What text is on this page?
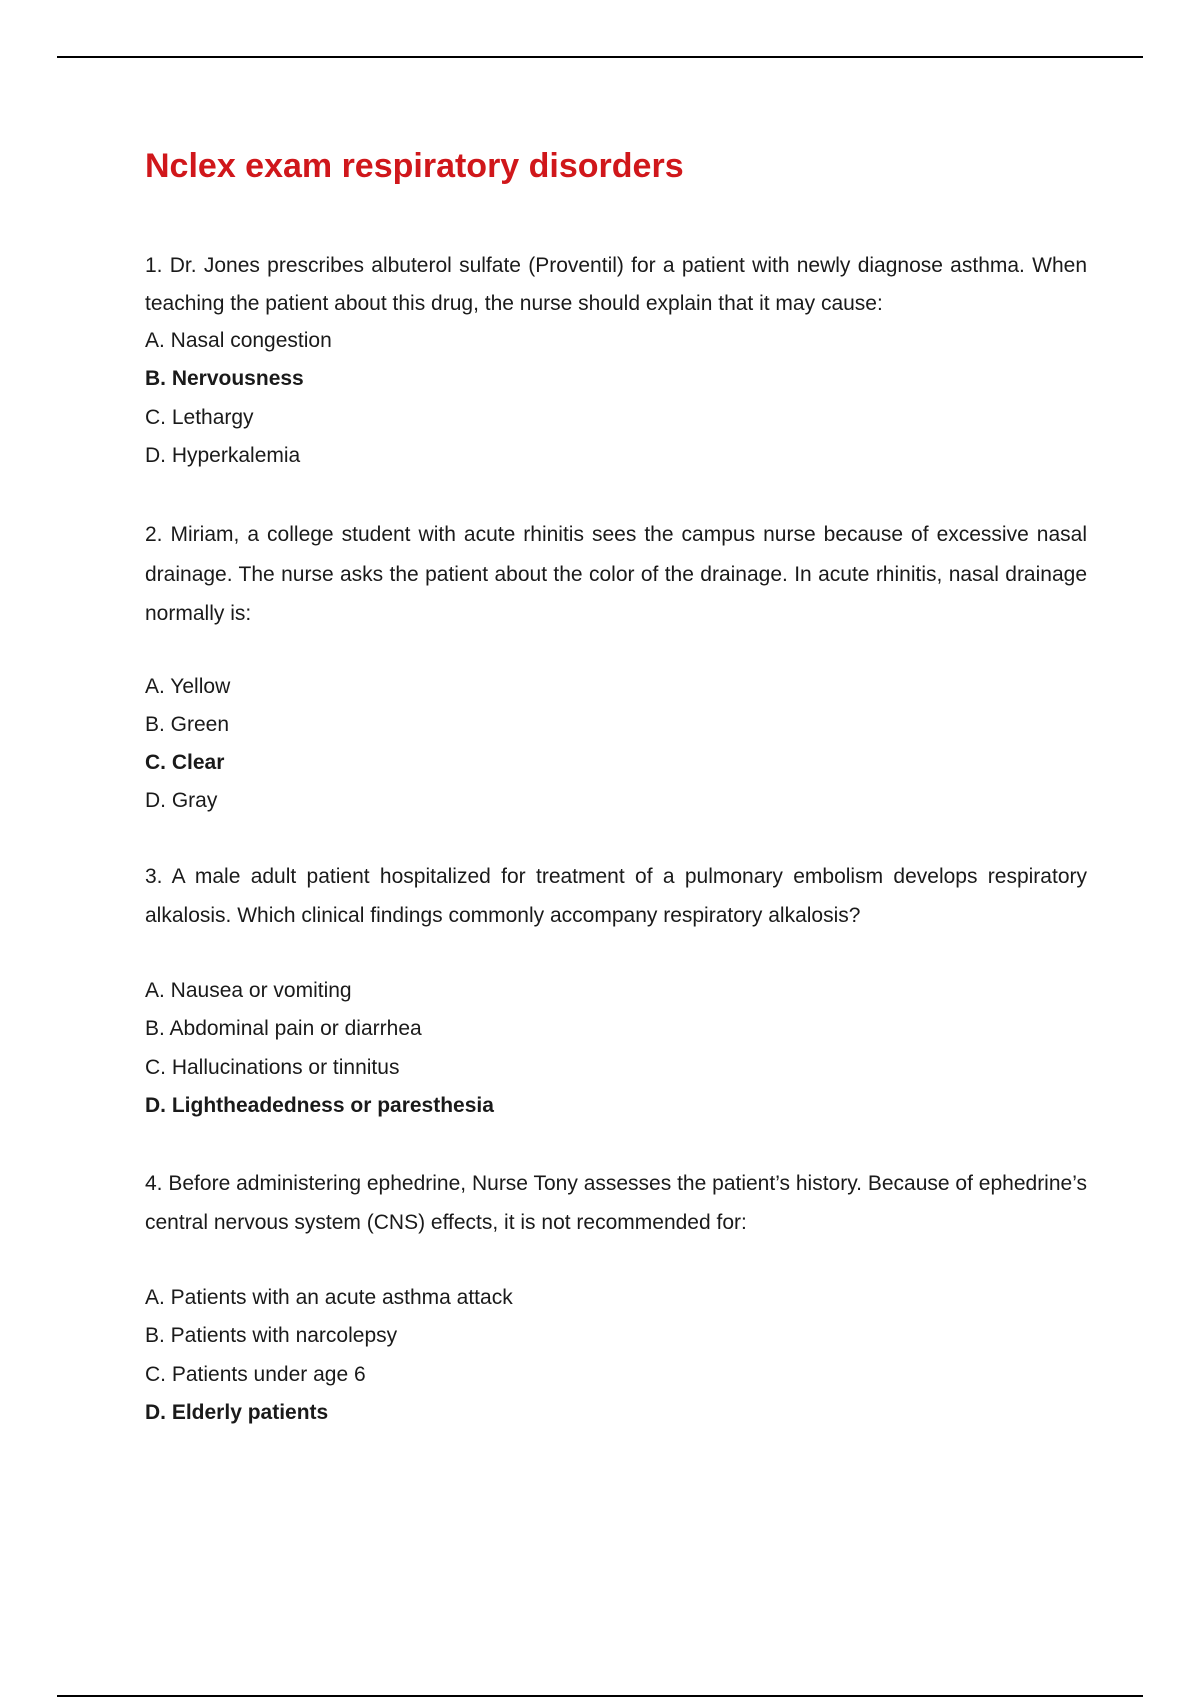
Nclex exam respiratory disorders

1. Dr. Jones prescribes albuterol sulfate (Proventil) for a patient with newly diagnose asthma. When teaching the patient about this drug, the nurse should explain that it may cause:

A. Nasal congestion
B. Nervousness
C. Lethargy
D. Hyperkalemia

2. Miriam, a college student with acute rhinitis sees the campus nurse because of excessive nasal drainage. The nurse asks the patient about the color of the drainage. In acute rhinitis, nasal drainage normally is:

A. Yellow
B. Green
C. Clear
D. Gray

3. A male adult patient hospitalized for treatment of a pulmonary embolism develops respiratory alkalosis. Which clinical findings commonly accompany respiratory alkalosis?

A. Nausea or vomiting
B. Abdominal pain or diarrhea
C. Hallucinations or tinnitus
D. Lightheadedness or paresthesia

4. Before administering ephedrine, Nurse Tony assesses the patient’s history. Because of ephedrine’s central nervous system (CNS) effects, it is not recommended for:

A. Patients with an acute asthma attack
B. Patients with narcolepsy
C. Patients under age 6
D. Elderly patients
